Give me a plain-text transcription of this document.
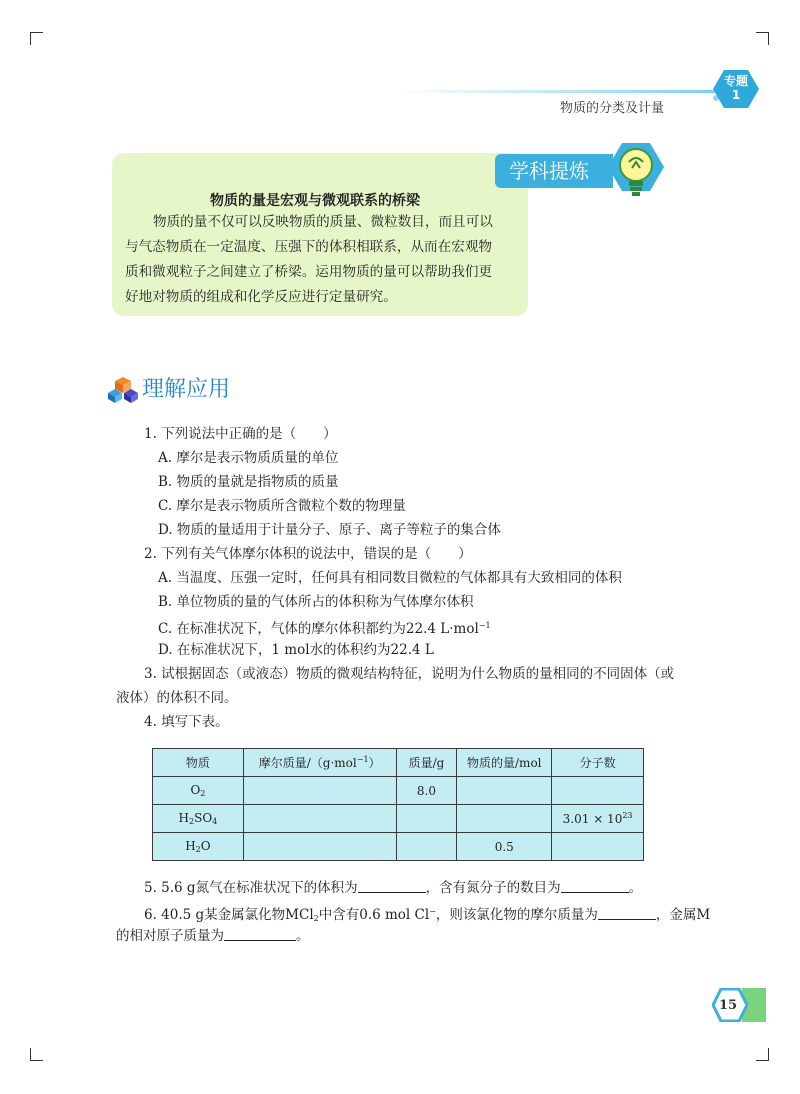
物质的分类及计量
专题
1
学科提炼
物质的量是宏观与微观联系的桥梁
物质的量不仅可以反映物质的质量、微粒数目，而且可以
与气态物质在一定温度、压强下的体积相联系，从而在宏观物
质和微观粒子之间建立了桥梁。运用物质的量可以帮助我们更
好地对物质的组成和化学反应进行定量研究。
理解应用
1. 下列说法中正确的是（　　）
A. 摩尔是表示物质质量的单位
B. 物质的量就是指物质的质量
C. 摩尔是表示物质所含微粒个数的物理量
D. 物质的量适用于计量分子、原子、离子等粒子的集合体
2. 下列有关气体摩尔体积的说法中，错误的是（　　）
A. 当温度、压强一定时，任何具有相同数目微粒的气体都具有大致相同的体积
B. 单位物质的量的气体所占的体积称为气体摩尔体积
C. 在标准状况下，气体的摩尔体积都约为22.4 L·mol$^{-1}$
D. 在标准状况下，1 mol水的体积约为22.4 L
3. 试根据固态（或液态）物质的微观结构特征，说明为什么物质的量相同的不同固体（或
液体）的体积不同。
4. 填写下表。
物质	摩尔质量/（g·mol$^{-1}$）	质量/g	物质的量/mol	分子数
$O_2$		8.0		
$H_2SO_4$				$3.01 \times 10^{23}$
$H_2O$			0.5	
5. 5.6 g氮气在标准状况下的体积为	，含有氮分子的数目为	。
6. 40.5 g某金属氯化物MCl$_2$中含有0.6 mol Cl−，则该氯化物的摩尔质量为	，金属M
的相对原子质量为	。
15
